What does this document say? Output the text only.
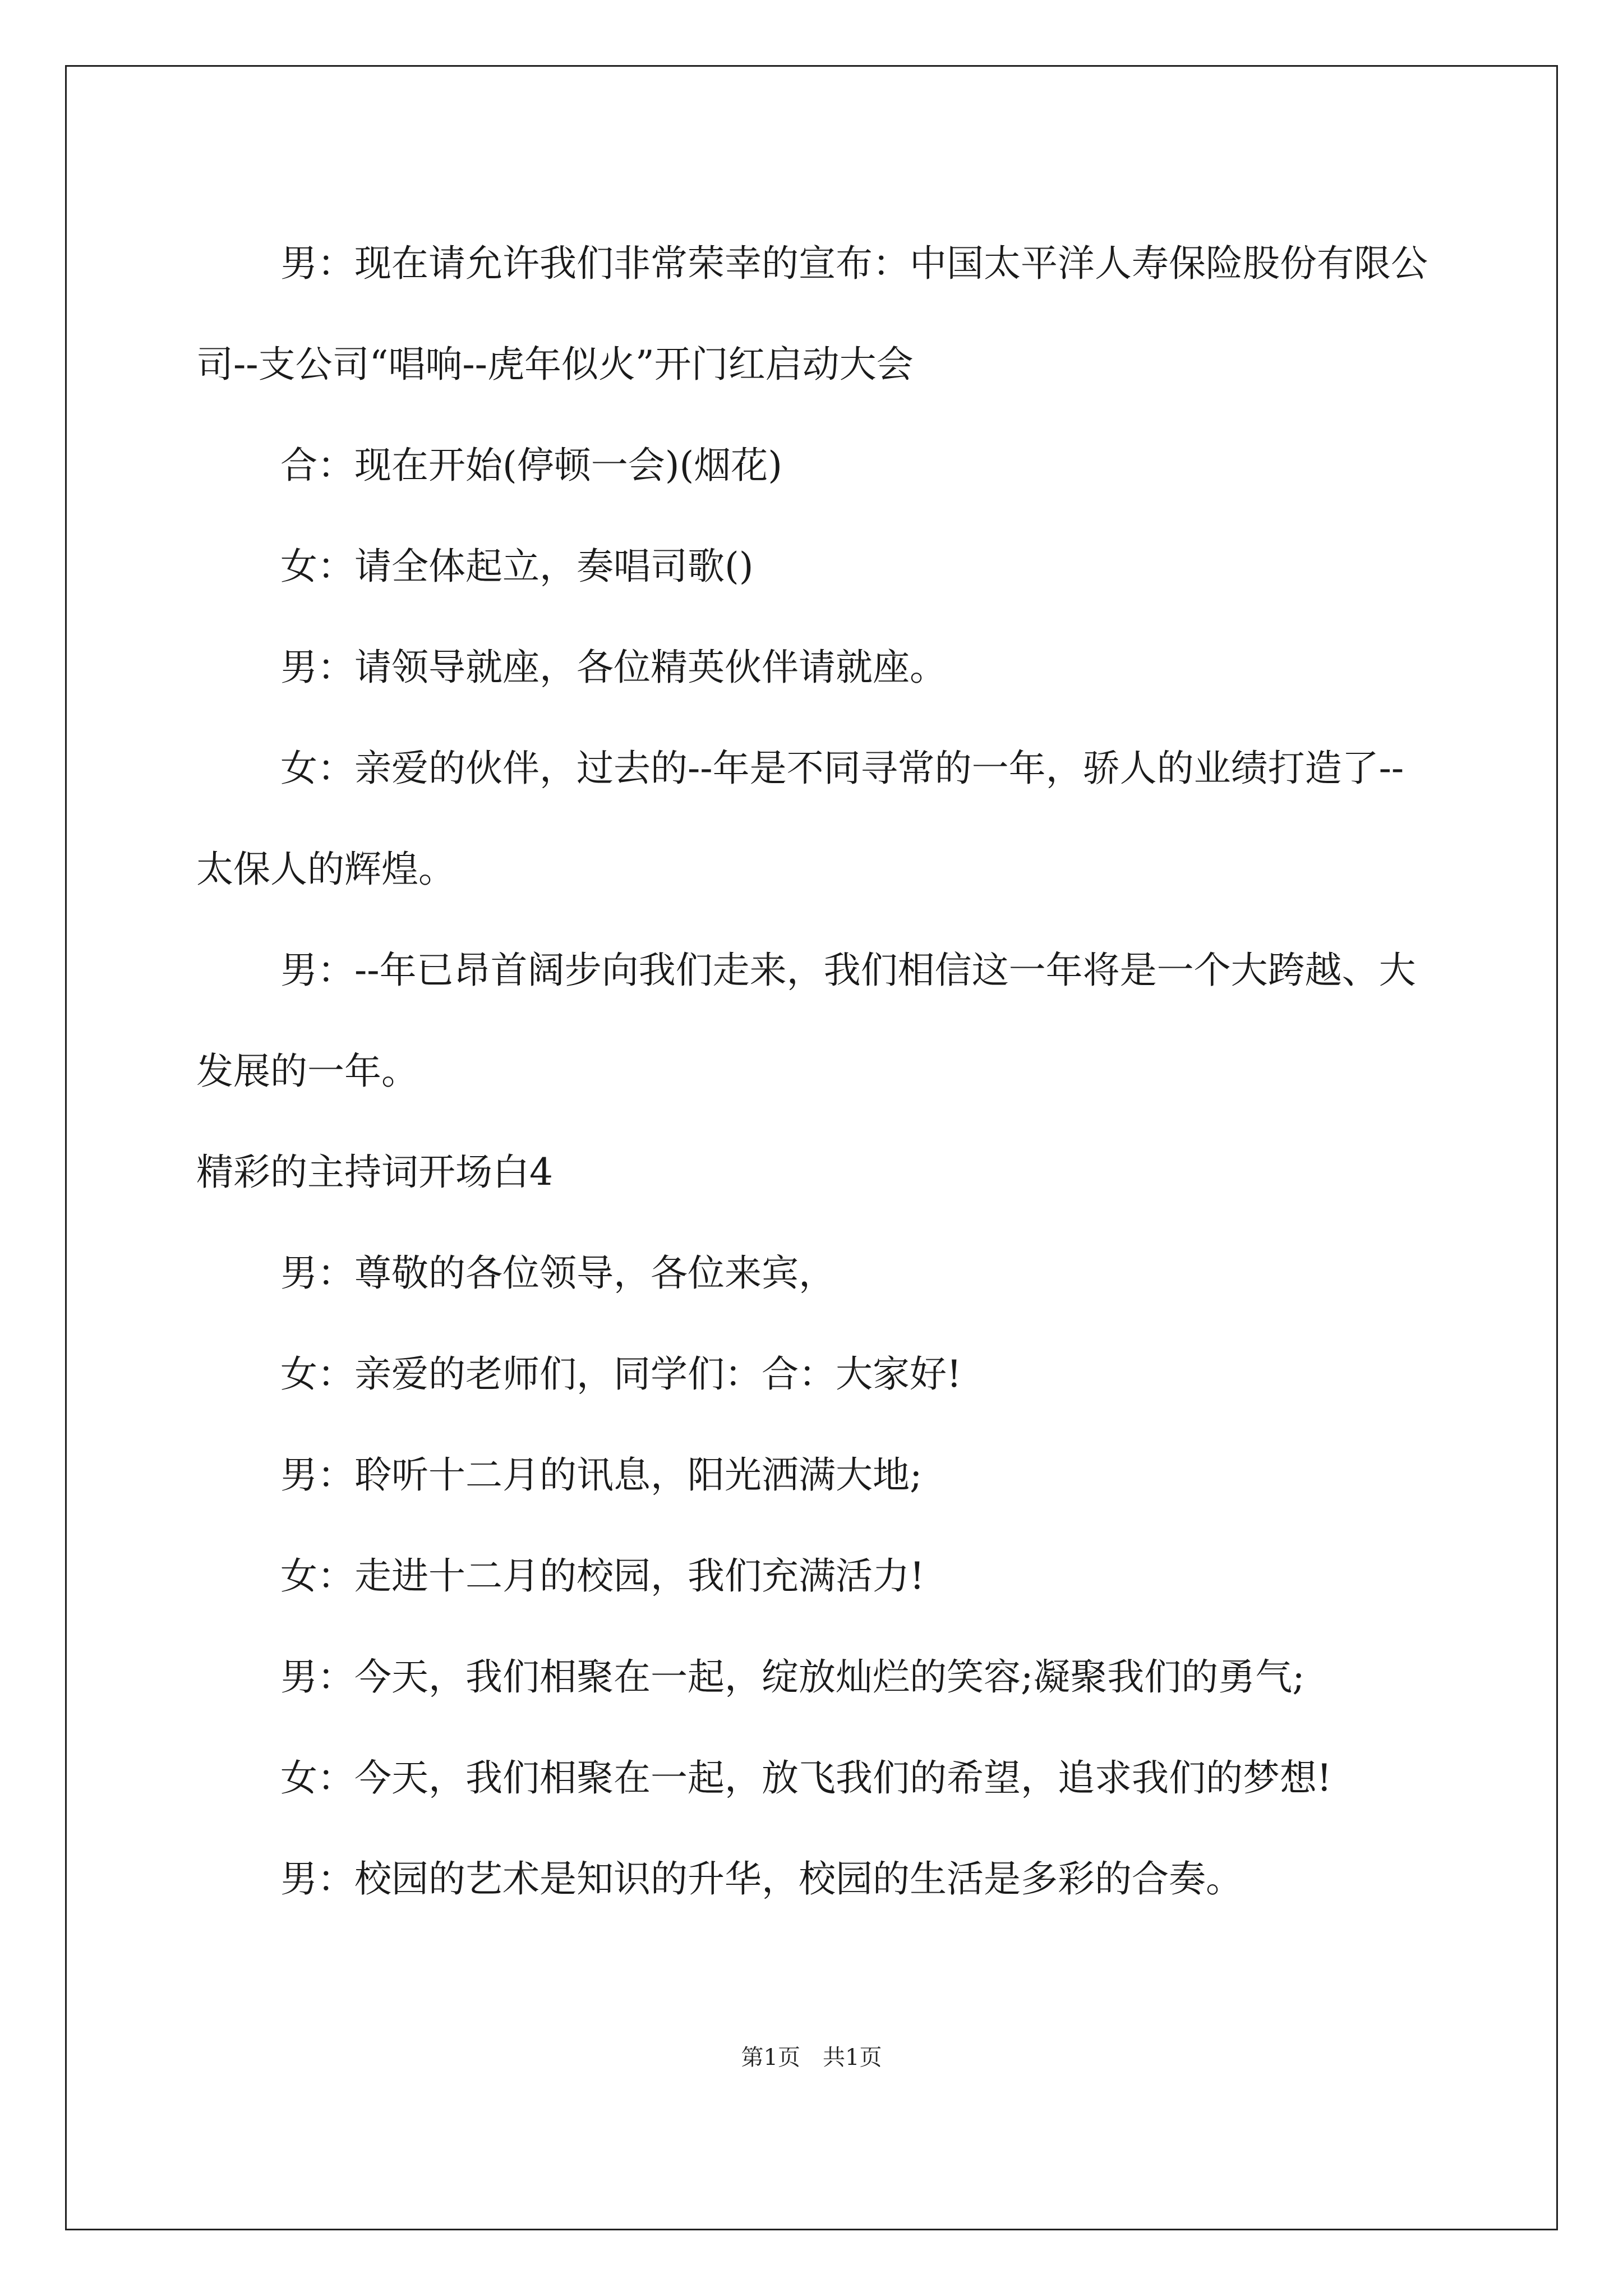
男：现在请允许我们非常荣幸的宣布：中国太平洋人寿保险股份有限公司--支公司“唱响--虎年似火”开门红启动大会

合：现在开始(停顿一会)(烟花)

女：请全体起立，奏唱司歌()

男：请领导就座，各位精英伙伴请就座。

女：亲爱的伙伴，过去的--年是不同寻常的一年，骄人的业绩打造了--太保人的辉煌。

男：--年已昂首阔步向我们走来，我们相信这一年将是一个大跨越、大发展的一年。

精彩的主持词开场白4

男：尊敬的各位领导，各位来宾，

女：亲爱的老师们，同学们：合：大家好!

男：聆听十二月的讯息，阳光洒满大地;

女：走进十二月的校园，我们充满活力!

男：今天，我们相聚在一起，绽放灿烂的笑容;凝聚我们的勇气;

女：今天，我们相聚在一起，放飞我们的希望，追求我们的梦想!

男：校园的艺术是知识的升华，校园的生活是多彩的合奏。

第1页　共1页
